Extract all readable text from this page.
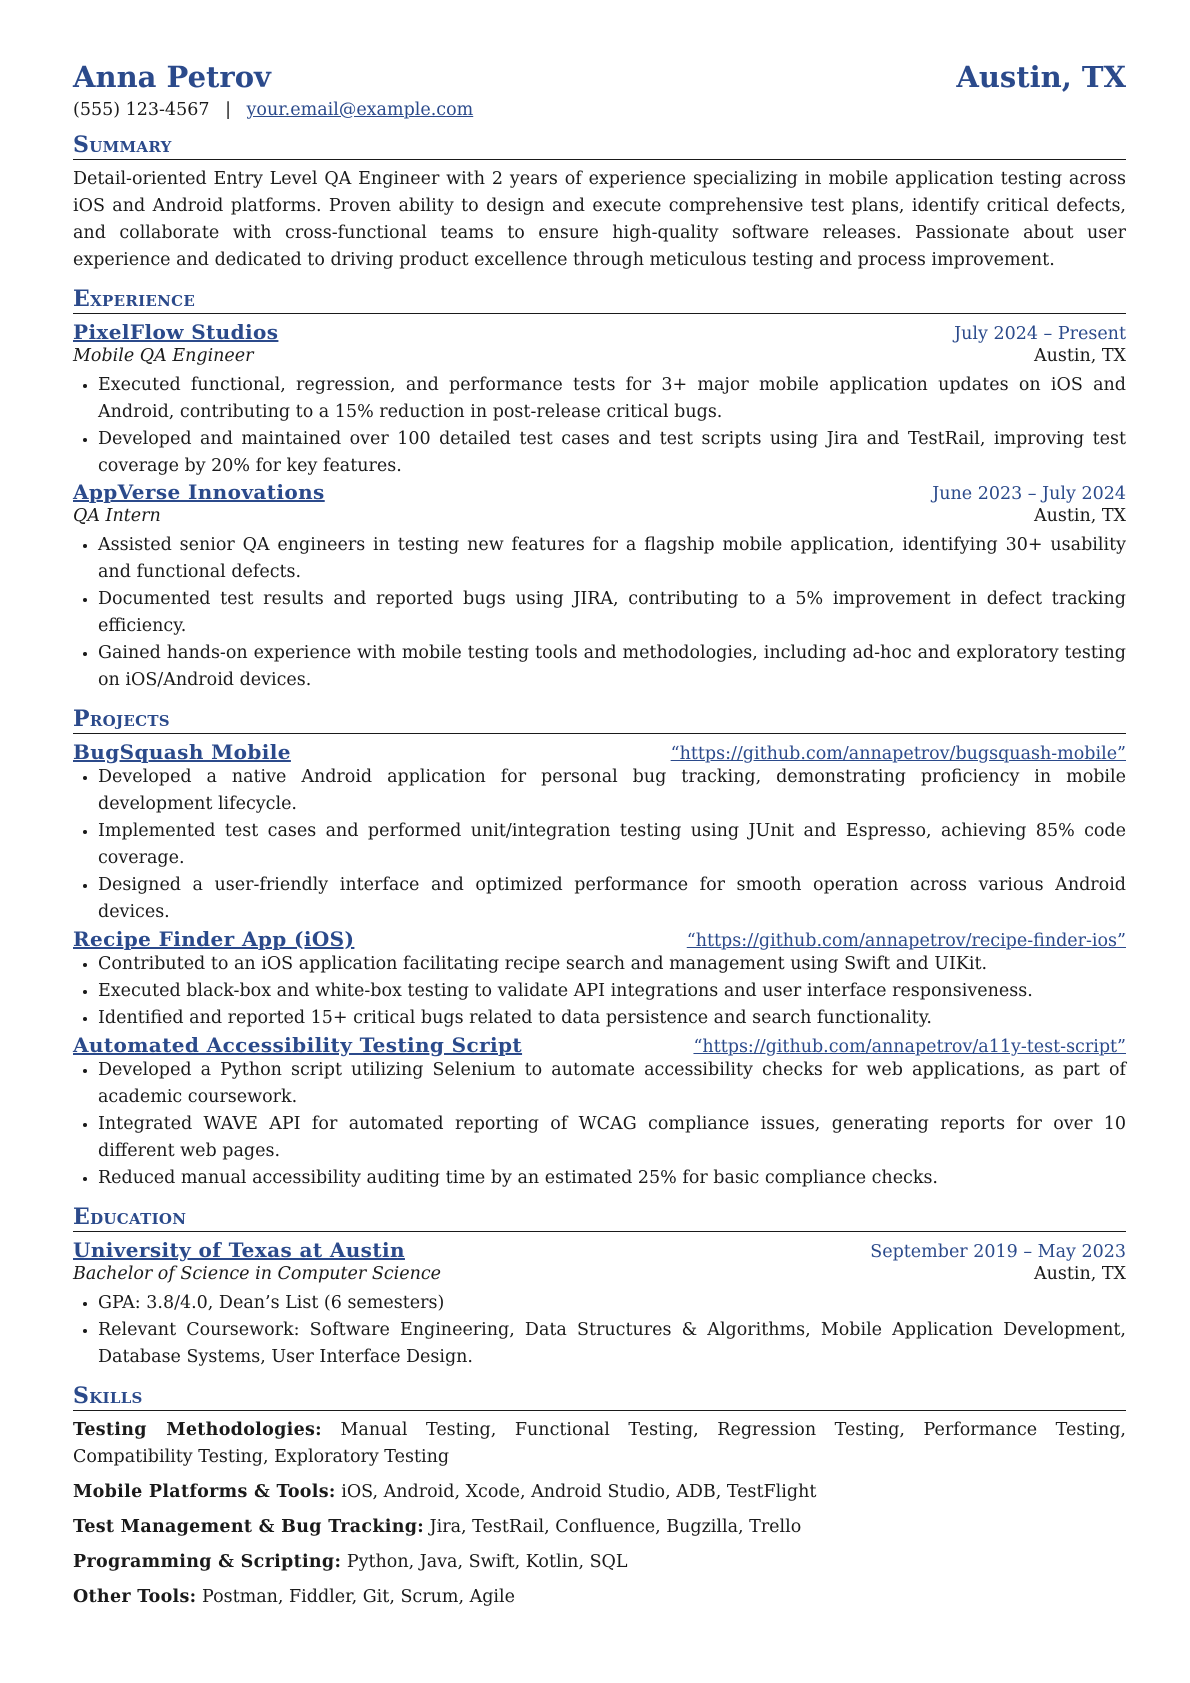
Anna Petrov	Austin, TX
(555) 123-4567 | your.email@example.com
Summary

Detail-oriented Entry Level QA Engineer with 2 years of experience specializing in mobile application testing across iOS and Android platforms. Proven ability to design and execute comprehensive test plans, identify critical defects, and collaborate with cross-functional teams to ensure high-quality software releases. Passionate about user experience and dedicated to driving product excellence through meticulous testing and process improvement.

Experience
PixelFlow Studios	July 2024 – Present
Mobile QA Engineer	Austin, TX
• Executed functional, regression, and performance tests for 3+ major mobile application updates on iOS and Android, contributing to a 15% reduction in post-release critical bugs.
• Developed and maintained over 100 detailed test cases and test scripts using Jira and TestRail, improving test coverage by 20% for key features.
AppVerse Innovations	June 2023 – July 2024
QA Intern	Austin, TX
• Assisted senior QA engineers in testing new features for a flagship mobile application, identifying 30+ usability and functional defects.
• Documented test results and reported bugs using JIRA, contributing to a 5% improvement in defect tracking efficiency.
• Gained hands-on experience with mobile testing tools and methodologies, including ad-hoc and exploratory testing on iOS/Android devices.
Projects
BugSquash Mobile	“https://github.com/annapetrov/bugsquash-mobile”
• Developed a native Android application for personal bug tracking, demonstrating proficiency in mobile development lifecycle.
• Implemented test cases and performed unit/integration testing using JUnit and Espresso, achieving 85% code coverage.
• Designed a user-friendly interface and optimized performance for smooth operation across various Android devices.
Recipe Finder App (iOS)	“https://github.com/annapetrov/recipe-finder-ios”
• Contributed to an iOS application facilitating recipe search and management using Swift and UIKit.
• Executed black-box and white-box testing to validate API integrations and user interface responsiveness.
• Identified and reported 15+ critical bugs related to data persistence and search functionality.
Automated Accessibility Testing Script	“https://github.com/annapetrov/a11y-test-script”
• Developed a Python script utilizing Selenium to automate accessibility checks for web applications, as part of academic coursework.
• Integrated WAVE API for automated reporting of WCAG compliance issues, generating reports for over 10 different web pages.
• Reduced manual accessibility auditing time by an estimated 25% for basic compliance checks.
Education
University of Texas at Austin	September 2019 – May 2023
Bachelor of Science in Computer Science	Austin, TX
• GPA: 3.8/4.0, Dean’s List (6 semesters)
• Relevant Coursework: Software Engineering, Data Structures & Algorithms, Mobile Application Development, Database Systems, User Interface Design.
Skills
Testing Methodologies: Manual Testing, Functional Testing, Regression Testing, Performance Testing, Compatibility Testing, Exploratory Testing
Mobile Platforms & Tools: iOS, Android, Xcode, Android Studio, ADB, TestFlight
Test Management & Bug Tracking: Jira, TestRail, Confluence, Bugzilla, Trello
Programming & Scripting: Python, Java, Swift, Kotlin, SQL
Other Tools: Postman, Fiddler, Git, Scrum, Agile
